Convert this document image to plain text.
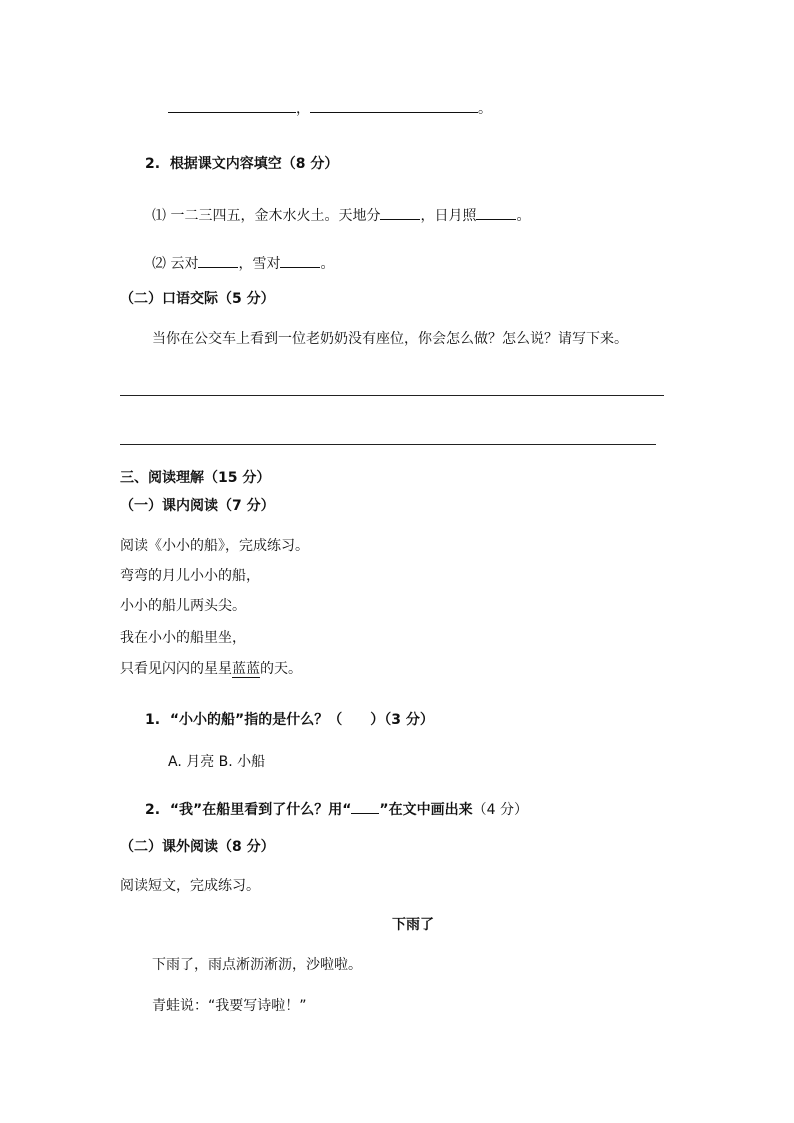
，	。
2. 根据课文内容填空（8 分）
⑴ 一二三四五，金木水火土。天地分	，日月照	。
⑵ 云对	，雪对	。
（二）口语交际（5 分）
当你在公交车上看到一位老奶奶没有座位，你会怎么做？怎么说？请写下来。
三、阅读理解（15 分）
（一）课内阅读（7 分）
阅读《小小的船》，完成练习。
弯弯的月儿小小的船，
小小的船儿两头尖。
我在小小的船里坐，
只看见闪闪的星星蓝蓝的天。
1. “小小的船”指的是什么？（　　）（3 分）
A. 月亮 B. 小船
2. “我”在船里看到了什么？用“ ”在文中画出来（4 分）
（二）课外阅读（8 分）
阅读短文，完成练习。
下雨了
下雨了，雨点淅沥淅沥，沙啦啦。
青蛙说：“我要写诗啦！”
